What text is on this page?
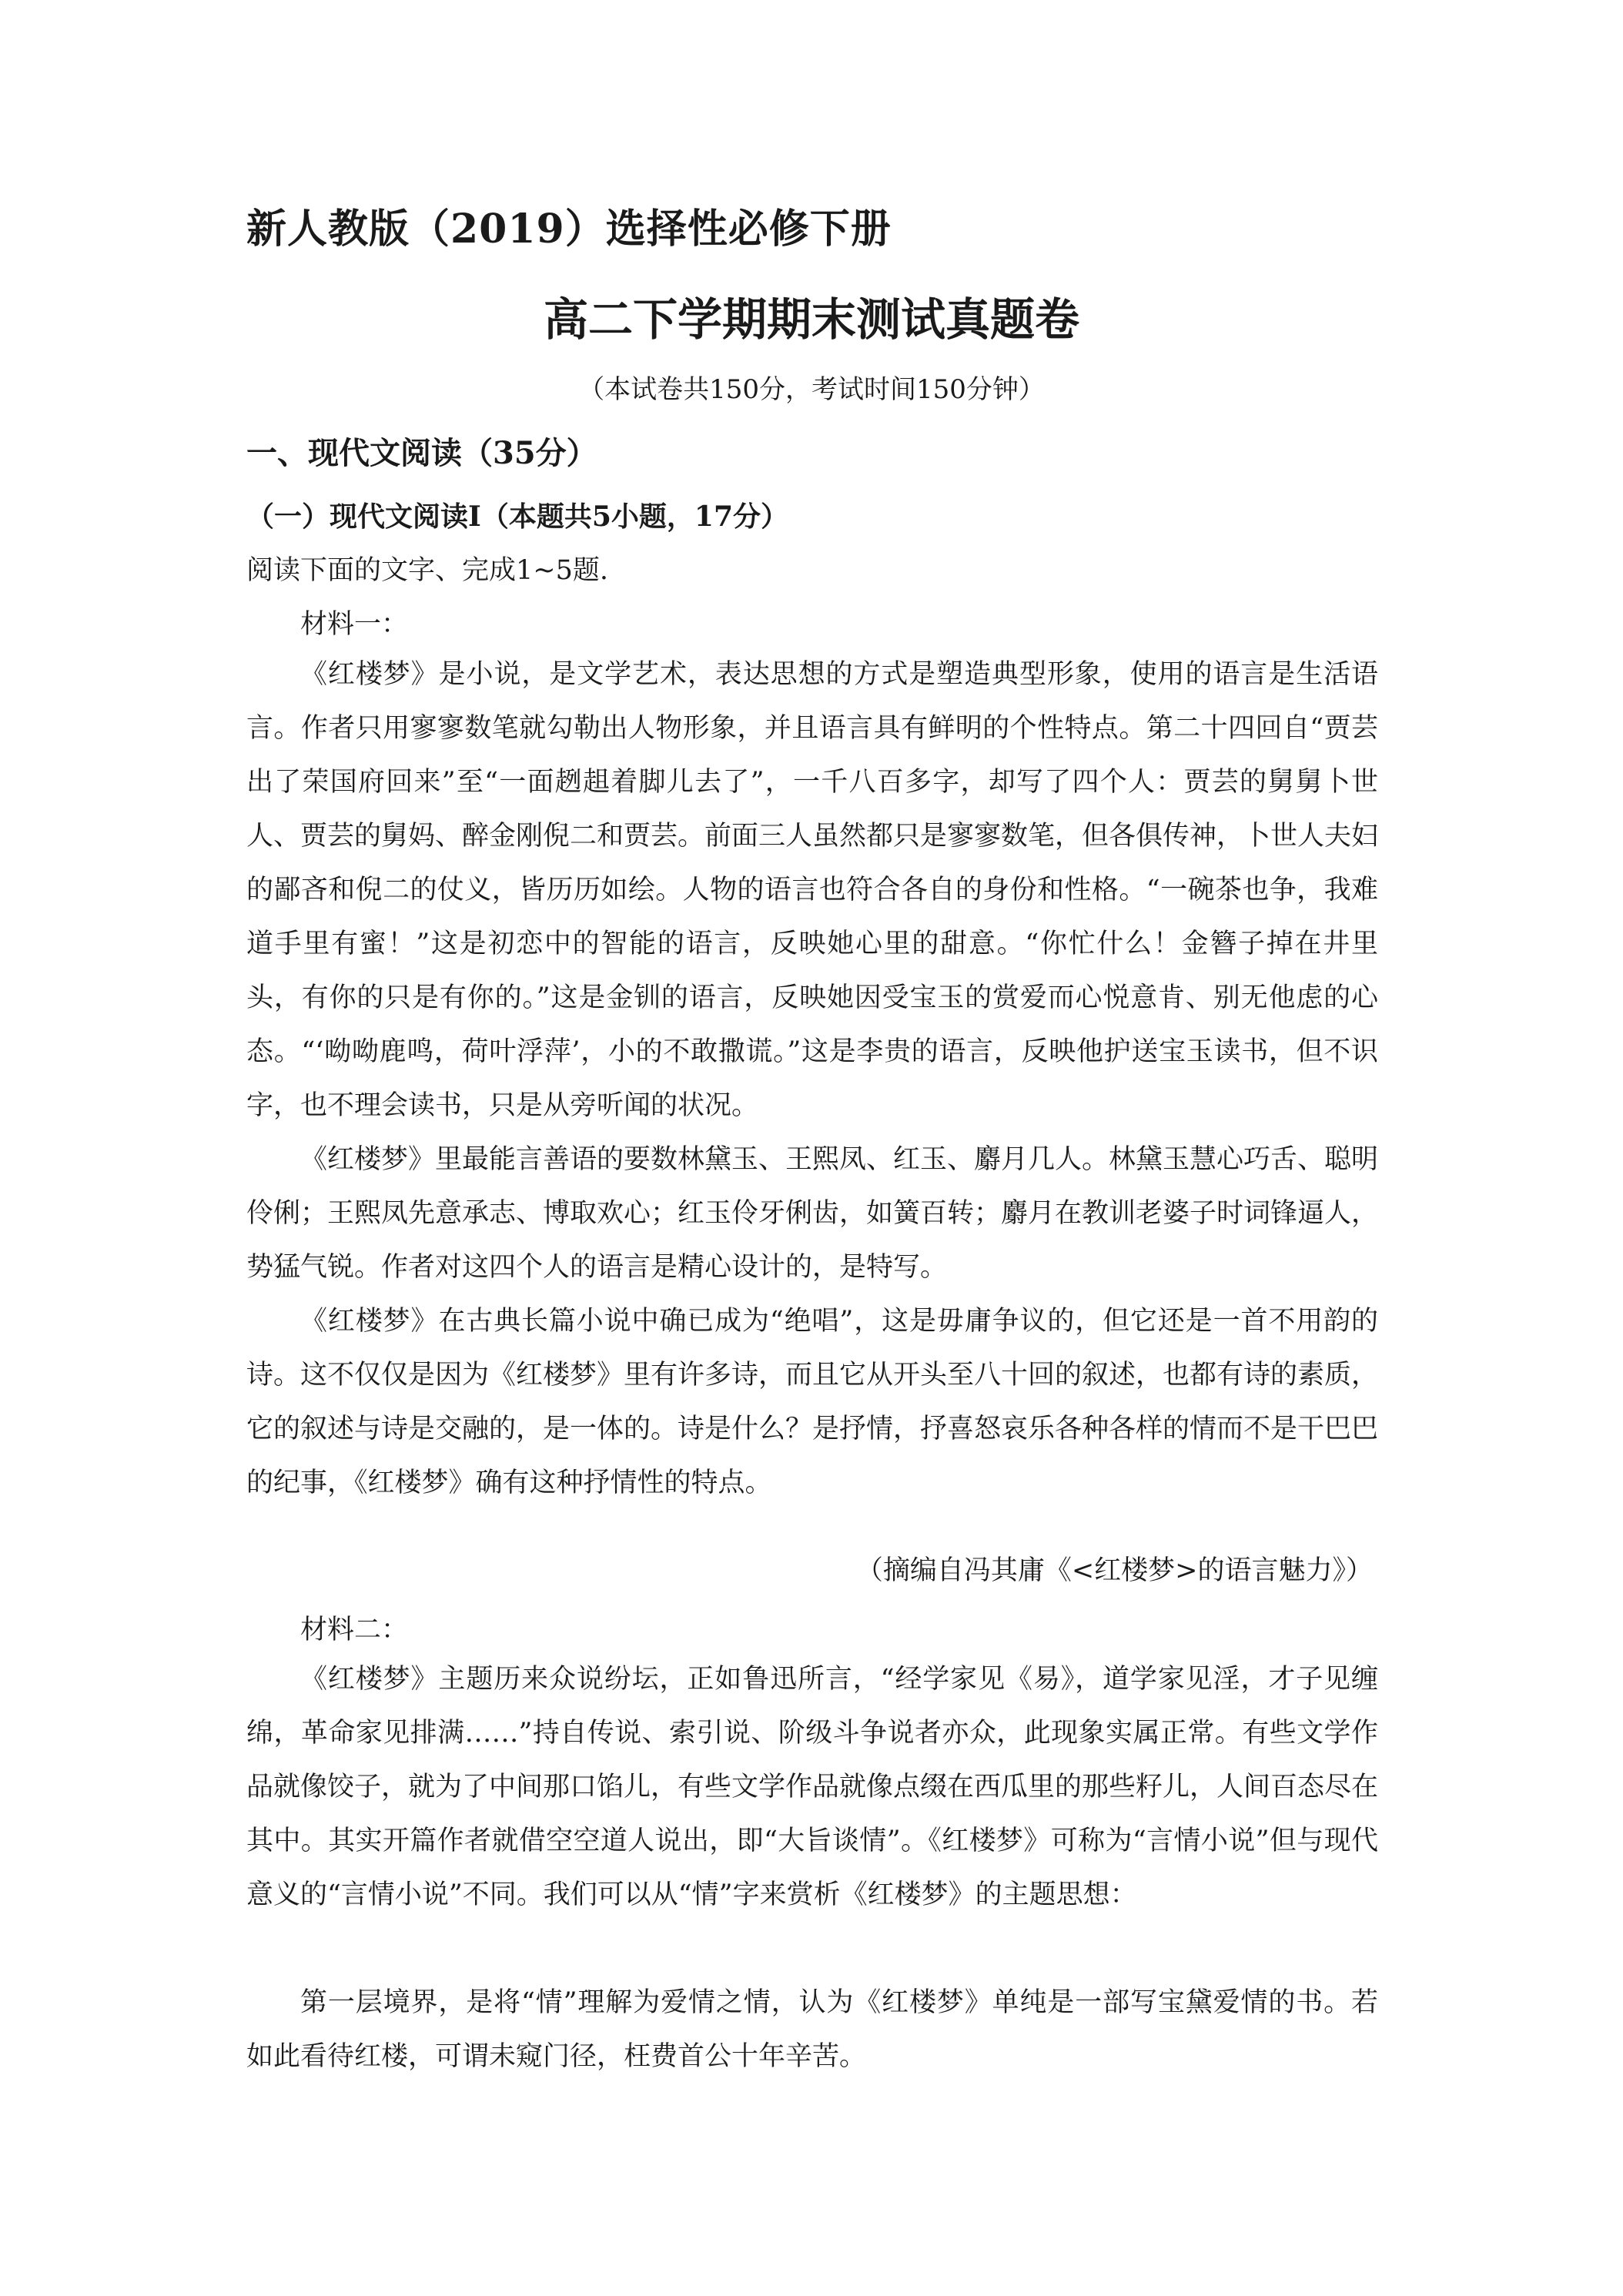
新人教版（2019）选择性必修下册
高二下学期期末测试真题卷
（本试卷共150分，考试时间150分钟）
一、现代文阅读（35分）
（一）现代文阅读I（本题共5小题，17分）
阅读下面的文字、完成1~5题.
材料一：

《红楼梦》是小说，是文学艺术，表达思想的方式是塑造典型形象，使用的语言是生活语言。作者只用寥寥数笔就勾勒出人物形象，并且语言具有鲜明的个性特点。第二十四回自“贾芸出了荣国府回来”至“一面趔趄着脚儿去了”，一千八百多字，却写了四个人：贾芸的舅舅卜世人、贾芸的舅妈、醉金刚倪二和贾芸。前面三人虽然都只是寥寥数笔，但各俱传神，卜世人夫妇的鄙吝和倪二的仗义，皆历历如绘。人物的语言也符合各自的身份和性格。“一碗茶也争，我难道手里有蜜！”这是初恋中的智能的语言，反映她心里的甜意。“你忙什么！金簪子掉在井里头，有你的只是有你的。”这是金钏的语言，反映她因受宝玉的赏爱而心悦意肯、别无他虑的心态。“‘呦呦鹿鸣，荷叶浮萍’，小的不敢撒谎。”这是李贵的语言，反映他护送宝玉读书，但不识字，也不理会读书，只是从旁听闻的状况。

《红楼梦》里最能言善语的要数林黛玉、王熙凤、红玉、麝月几人。林黛玉慧心巧舌、聪明伶俐；王熙凤先意承志、博取欢心；红玉伶牙俐齿，如簧百转；麝月在教训老婆子时词锋逼人，势猛气锐。作者对这四个人的语言是精心设计的，是特写。

《红楼梦》在古典长篇小说中确已成为“绝唱”，这是毋庸争议的，但它还是一首不用韵的诗。这不仅仅是因为《红楼梦》里有许多诗，而且它从开头至八十回的叙述，也都有诗的素质，它的叙述与诗是交融的，是一体的。诗是什么？是抒情，抒喜怒哀乐各种各样的情而不是干巴巴的纪事，《红楼梦》确有这种抒情性的特点。

（摘编自冯其庸《<红楼梦>的语言魅力》）
材料二：

《红楼梦》主题历来众说纷坛，正如鲁迅所言，“经学家见《易》，道学家见淫，才子见缠绵，革命家见排满……”持自传说、索引说、阶级斗争说者亦众，此现象实属正常。有些文学作品就像饺子，就为了中间那口馅儿，有些文学作品就像点缀在西瓜里的那些籽儿，人间百态尽在其中。其实开篇作者就借空空道人说出，即“大旨谈情”。《红楼梦》可称为“言情小说”但与现代意义的“言情小说”不同。我们可以从“情”字来赏析《红楼梦》的主题思想：

第一层境界，是将“情”理解为爱情之情，认为《红楼梦》单纯是一部写宝黛爱情的书。若如此看待红楼，可谓未窥门径，枉费首公十年辛苦。
